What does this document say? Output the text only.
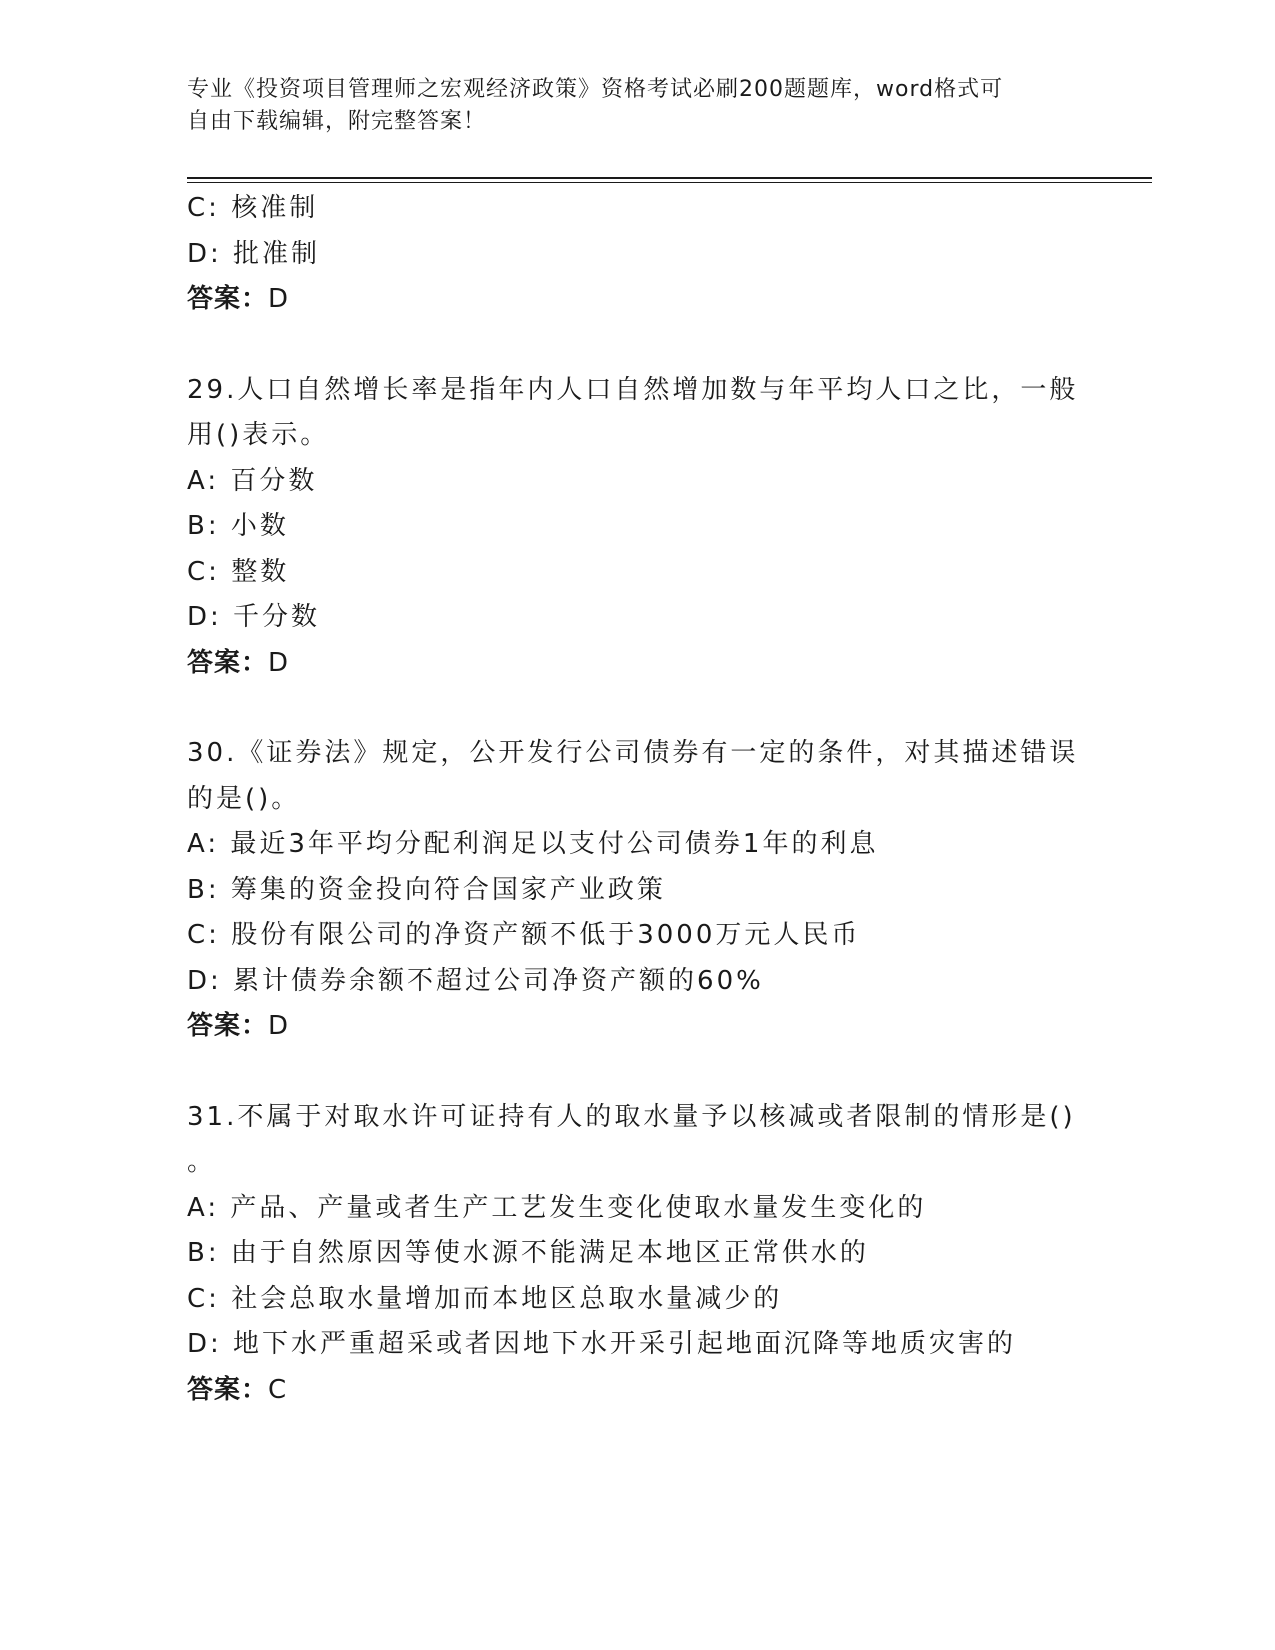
专业《投资项目管理师之宏观经济政策》资格考试必刷200题题库，word格式可
自由下载编辑，附完整答案！
C: 核准制
D: 批准制
答案：D
29.人口自然增长率是指年内人口自然增加数与年平均人口之比，一般
用()表示。
A: 百分数
B: 小数
C: 整数
D: 千分数
答案：D
30.《证券法》规定，公开发行公司债券有一定的条件，对其描述错误
的是()。
A: 最近3年平均分配利润足以支付公司债券1年的利息
B: 筹集的资金投向符合国家产业政策
C: 股份有限公司的净资产额不低于3000万元人民币
D: 累计债券余额不超过公司净资产额的60%
答案：D
31.不属于对取水许可证持有人的取水量予以核减或者限制的情形是()
。
A: 产品、产量或者生产工艺发生变化使取水量发生变化的
B: 由于自然原因等使水源不能满足本地区正常供水的
C: 社会总取水量增加而本地区总取水量减少的
D: 地下水严重超采或者因地下水开采引起地面沉降等地质灾害的
答案：C
